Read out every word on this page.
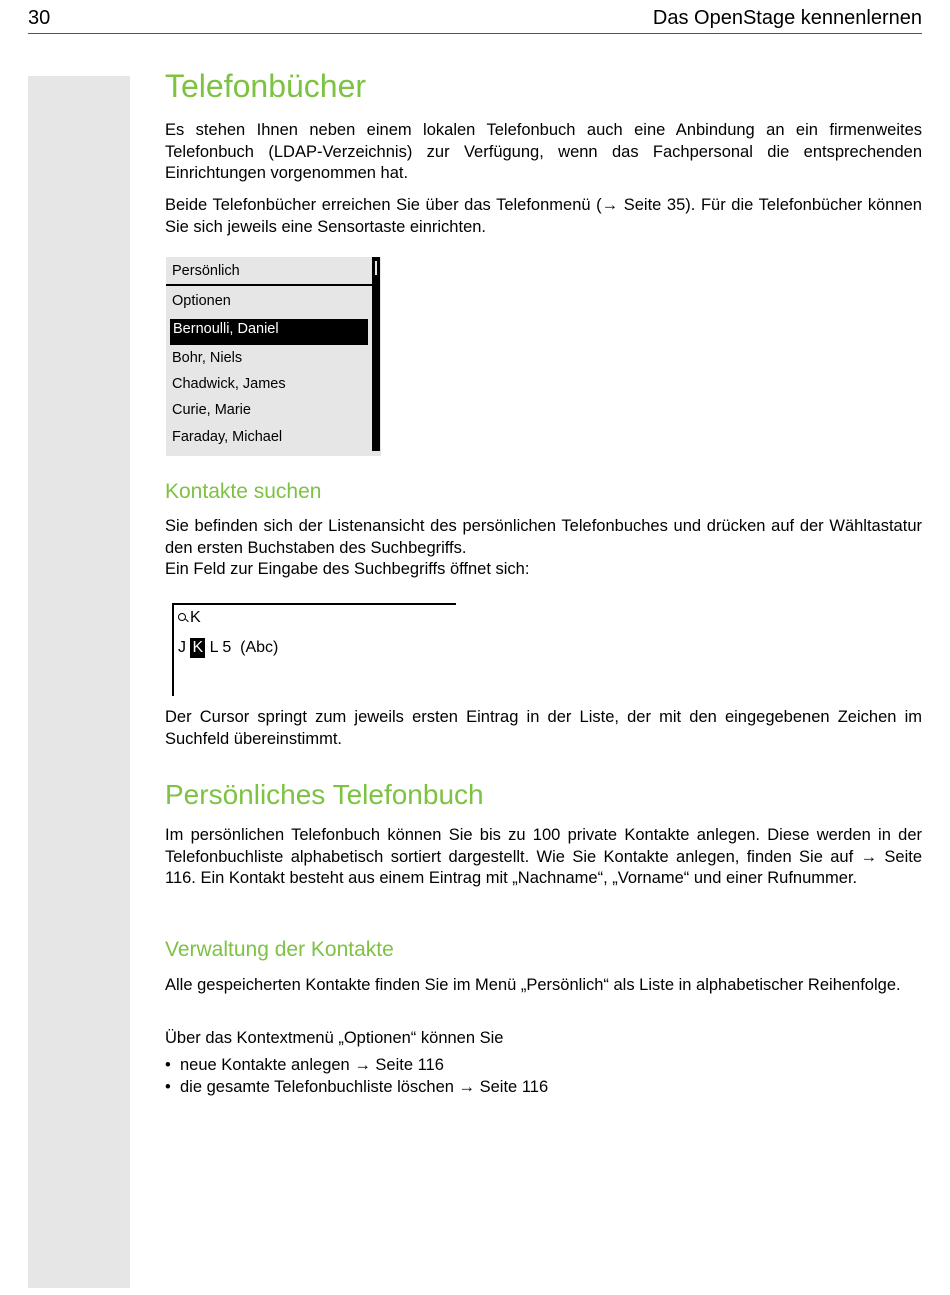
30	Das OpenStage kennenlernen
Telefonbücher

Es stehen Ihnen neben einem lokalen Telefonbuch auch eine Anbindung an ein firmenweites Telefonbuch (LDAP-Verzeichnis) zur Verfügung, wenn das Fachpersonal die entsprechenden Einrichtungen vorgenommen hat.

Beide Telefonbücher erreichen Sie über das Telefonmenü (→ Seite 35). Für die Telefonbücher können Sie sich jeweils eine Sensortaste einrichten.

Persönlich
Optionen
Bernoulli, Daniel
Bohr, Niels
Chadwick, James
Curie, Marie
Faraday, Michael
Kontakte suchen

Sie befinden sich der Listenansicht des persönlichen Telefonbuches und drücken auf der Wähltastatur den ersten Buchstaben des Suchbegriffs.

Ein Feld zur Eingabe des Suchbegriffs öffnet sich:

K
J K L 5  (Abc)

Der Cursor springt zum jeweils ersten Eintrag in der Liste, der mit den eingegebenen Zeichen im Suchfeld übereinstimmt.

Persönliches Telefonbuch

Im persönlichen Telefonbuch können Sie bis zu 100 private Kontakte anlegen. Diese werden in der Telefonbuchliste alphabetisch sortiert dargestellt. Wie Sie Kontakte anlegen, finden Sie auf → Seite 116. Ein Kontakt besteht aus einem Eintrag mit „Nachname“, „Vorname“ und einer Rufnummer.

Verwaltung der Kontakte

Alle gespeicherten Kontakte finden Sie im Menü „Persönlich“ als Liste in alphabetischer Reihenfolge.

Über das Kontextmenü „Optionen“ können Sie

• neue Kontakte anlegen → Seite 116
• die gesamte Telefonbuchliste löschen → Seite 116
